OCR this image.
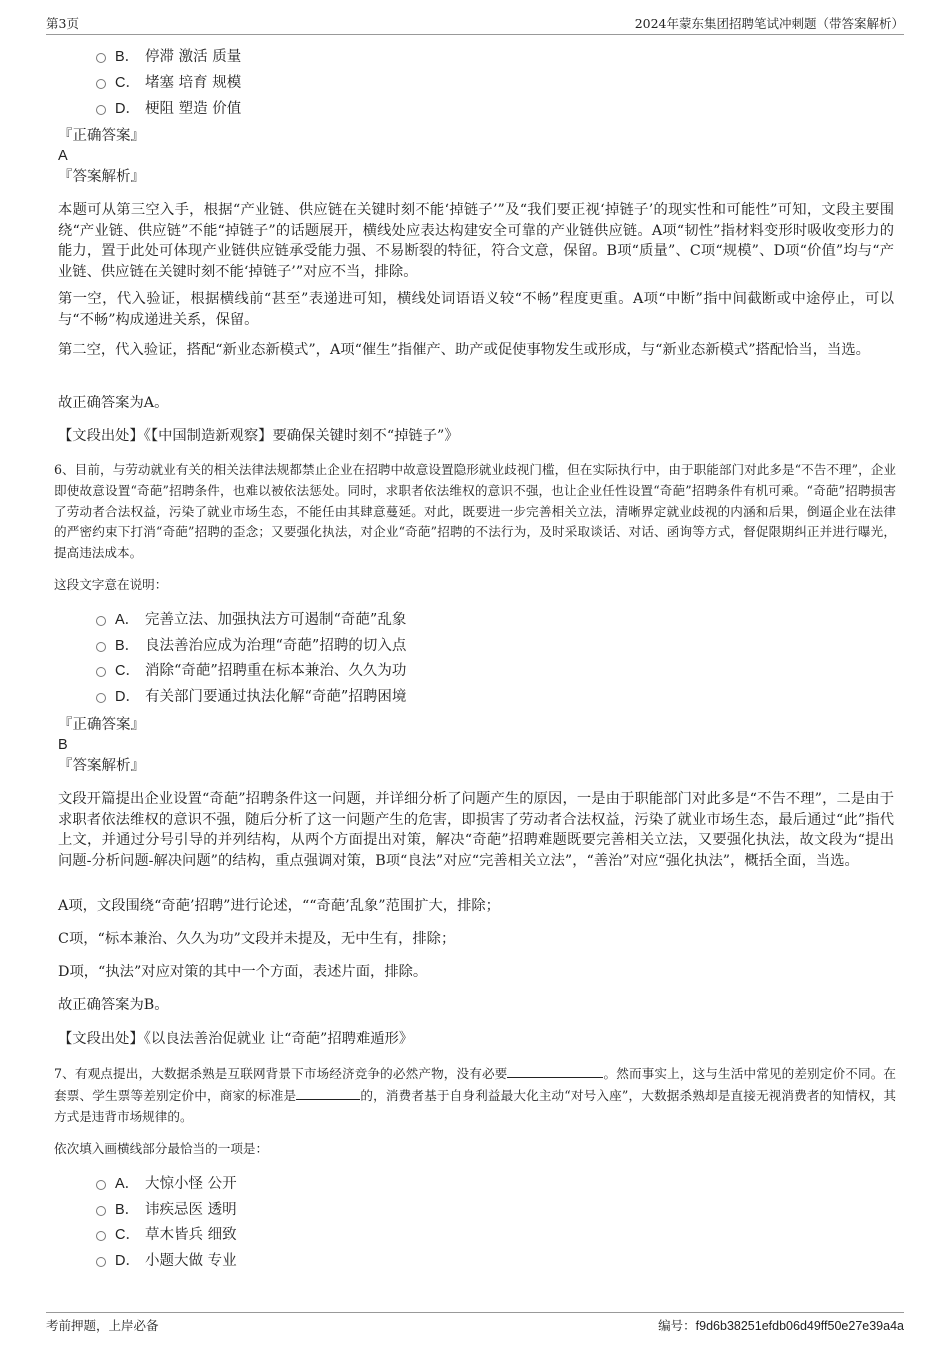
第3页	2024年蒙东集团招聘笔试冲刺题（带答案解析）
B． 停滞 激活 质量
C． 堵塞 培育 规模
D． 梗阻 塑造 价值
『正确答案』
A
『答案解析』
本题可从第三空入手，根据“产业链、供应链在关键时刻不能‘掉链子’”及“我们要正视‘掉链子’的现实性和可能性”可知，文段主要围绕“产业链、供应链”不能“掉链子”的话题展开，横线处应表达构建安全可靠的产业链供应链。A项“韧性”指材料变形时吸收变形力的能力，置于此处可体现产业链供应链承受能力强、不易断裂的特征，符合文意，保留。B项“质量”、C项“规模”、D项“价值”均与“产业链、供应链在关键时刻不能‘掉链子’”对应不当，排除。
第一空，代入验证，根据横线前“甚至”表递进可知，横线处词语语义较“不畅”程度更重。A项“中断”指中间截断或中途停止，可以与“不畅”构成递进关系，保留。
第二空，代入验证，搭配“新业态新模式”，A项“催生”指催产、助产或促使事物发生或形成，与“新业态新模式”搭配恰当，当选。
故正确答案为A。
【文段出处】《【中国制造新观察】要确保关键时刻不“掉链子”》
6、目前，与劳动就业有关的相关法律法规都禁止企业在招聘中故意设置隐形就业歧视门槛，但在实际执行中，由于职能部门对此多是“不告不理”，企业即使故意设置“奇葩”招聘条件，也难以被依法惩处。同时，求职者依法维权的意识不强，也让企业任性设置“奇葩”招聘条件有机可乘。“奇葩”招聘损害了劳动者合法权益，污染了就业市场生态，不能任由其肆意蔓延。对此，既要进一步完善相关立法，清晰界定就业歧视的内涵和后果，倒逼企业在法律的严密约束下打消“奇葩”招聘的歪念；又要强化执法，对企业“奇葩”招聘的不法行为，及时采取谈话、对话、函询等方式，督促限期纠正并进行曝光，提高违法成本。
这段文字意在说明：
A． 完善立法、加强执法方可遏制“奇葩”乱象
B． 良法善治应成为治理“奇葩”招聘的切入点
C． 消除“奇葩”招聘重在标本兼治、久久为功
D． 有关部门要通过执法化解“奇葩”招聘困境
『正确答案』
B
『答案解析』
文段开篇提出企业设置“奇葩”招聘条件这一问题，并详细分析了问题产生的原因，一是由于职能部门对此多是“不告不理”，二是由于求职者依法维权的意识不强，随后分析了这一问题产生的危害，即损害了劳动者合法权益，污染了就业市场生态，最后通过“此”指代上文，并通过分号引导的并列结构，从两个方面提出对策，解决“奇葩”招聘难题既要完善相关立法，又要强化执法，故文段为“提出问题-分析问题-解决问题”的结构，重点强调对策，B项“良法”对应“完善相关立法”，“善治”对应“强化执法”，概括全面，当选。
A项，文段围绕“奇葩’招聘”进行论述，““奇葩’乱象”范围扩大，排除；
C项，“标本兼治、久久为功”文段并未提及，无中生有，排除；
D项，“执法”对应对策的其中一个方面，表述片面，排除。
故正确答案为B。
【文段出处】《以良法善治促就业 让“奇葩”招聘难遁形》
7、有观点提出，大数据杀熟是互联网背景下市场经济竞争的必然产物，没有必要	。然而事实上，这与生活中常见的差别定价不同。在套票、学生票等差别定价中，商家的标准是	的，消费者基于自身利益最大化主动“对号入座”，大数据杀熟却是直接无视消费者的知情权，其方式是违背市场规律的。
依次填入画横线部分最恰当的一项是：
A． 大惊小怪 公开
B． 讳疾忌医 透明
C． 草木皆兵 细致
D． 小题大做 专业
考前押题，上岸必备	编号：f9d6b38251efdb06d49ff50e27e39a4a
